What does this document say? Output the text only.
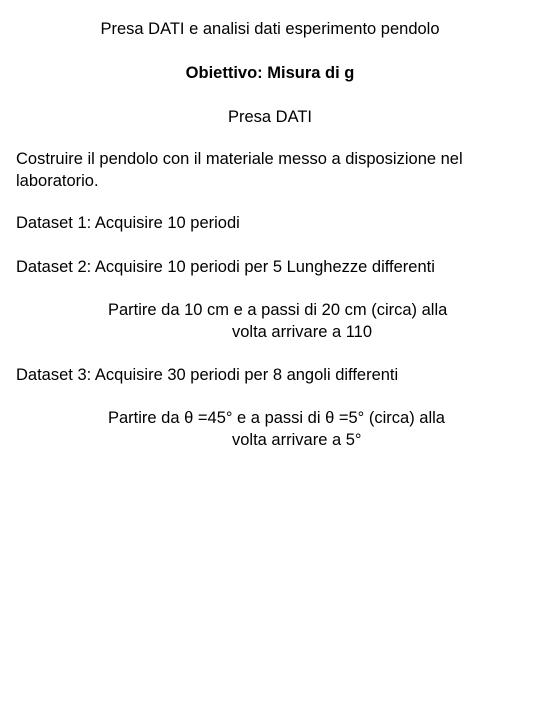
Presa DATI e analisi dati esperimento pendolo
Obiettivo: Misura di g
Presa DATI
Costruire il pendolo con il materiale messo a disposizione nel laboratorio.
Dataset 1: Acquisire 10 periodi
Dataset 2: Acquisire 10 periodi per 5 Lunghezze differenti
Partire da 10 cm e a passi di 20 cm (circa) alla
volta arrivare a 110
Dataset 3: Acquisire 30 periodi per 8 angoli differenti
Partire da θ =45° e a passi di θ =5° (circa) alla
volta arrivare a 5°
